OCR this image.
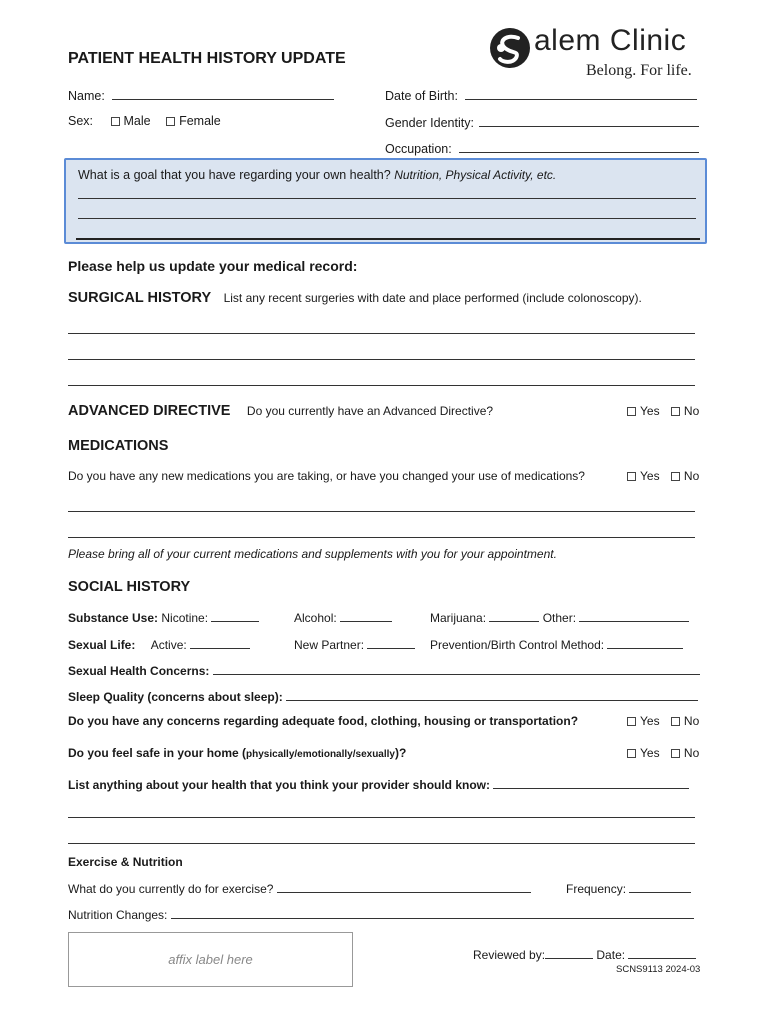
PATIENT HEALTH HISTORY UPDATE
alem Clinic
Belong. For life.
Name:	Date of Birth:
Sex: Male Female	Gender Identity:
Occupation:
What is a goal that you have regarding your own health? Nutrition, Physical Activity, etc.
Please help us update your medical record:
SURGICAL HISTORY List any recent surgeries with date and place performed (include colonoscopy).
ADVANCED DIRECTIVE Do you currently have an Advanced Directive?	Yes No
MEDICATIONS
Do you have any new medications you are taking, or have you changed your use of medications?	Yes No
Please bring all of your current medications and supplements with you for your appointment.
SOCIAL HISTORY
Substance Use: Nicotine:	Alcohol:	Marijuana:	Other:
Sexual Life: Active:	New Partner:	Prevention/Birth Control Method:
Sexual Health Concerns:
Sleep Quality (concerns about sleep):
Do you have any concerns regarding adequate food, clothing, housing or transportation?	Yes No
Do you feel safe in your home (physically/emotionally/sexually)?	Yes No
List anything about your health that you think your provider should know:
Exercise & Nutrition
What do you currently do for exercise?	Frequency:
Nutrition Changes:
affix label here	Reviewed by:	Date:
SCNS9113 2024-03
